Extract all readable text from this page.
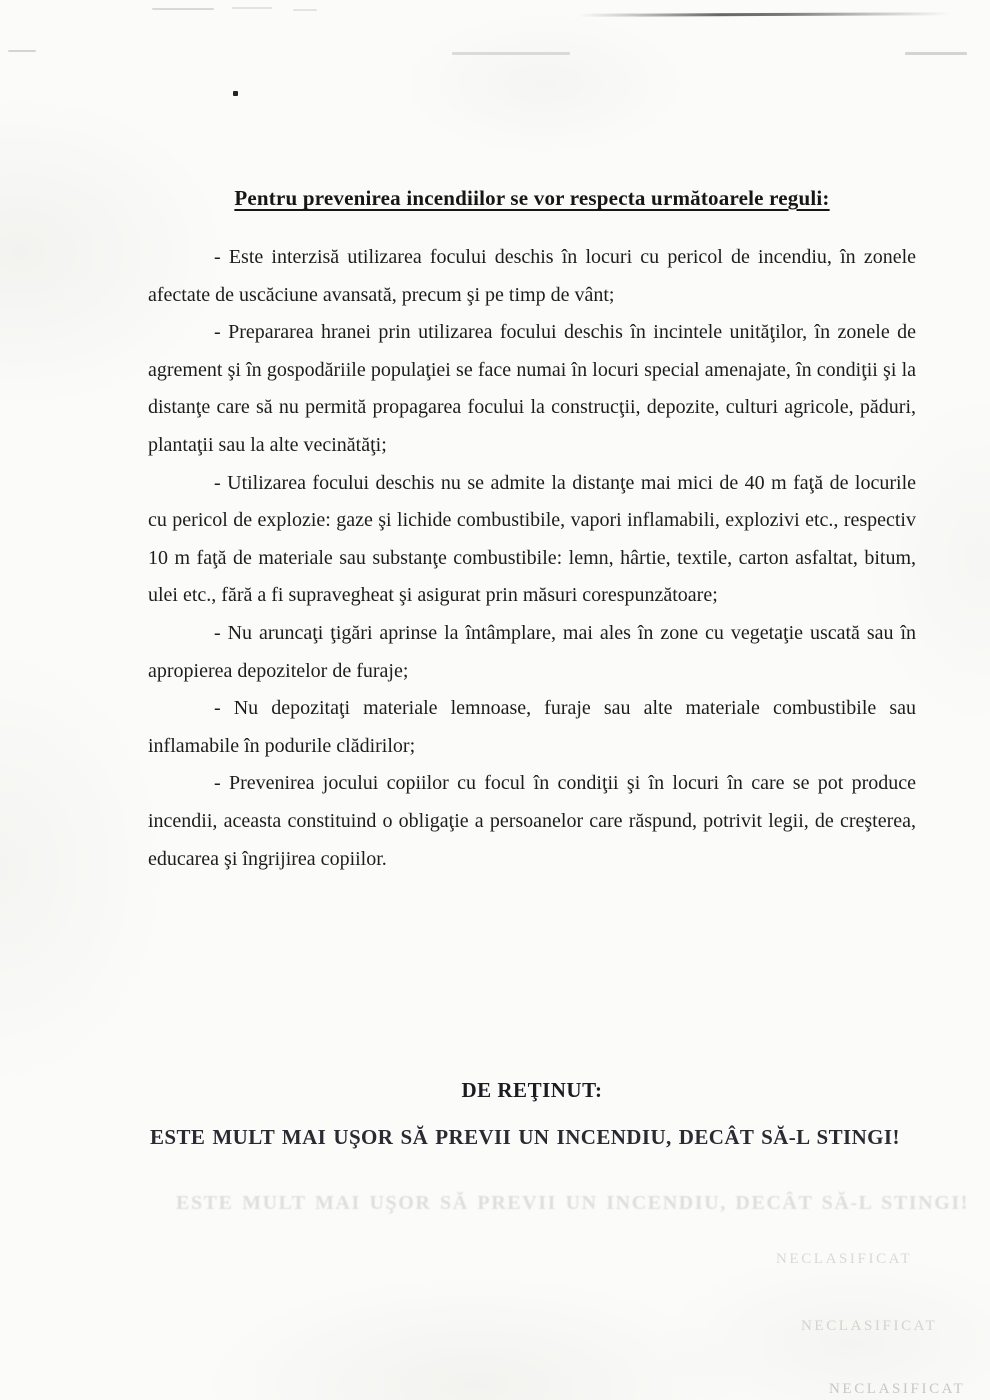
Pentru prevenirea incendiilor se vor respecta următoarele reguli:

- Este interzisă utilizarea focului deschis în locuri cu pericol de incendiu, în zonele afectate de uscăciune avansată, precum şi pe timp de vânt;

- Prepararea hranei prin utilizarea focului deschis în incintele unităţilor, în zonele de agrement şi în gospodăriile populaţiei se face numai în locuri special amenajate, în condiţii şi la distanţe care să nu permită propagarea focului la construcţii, depozite, culturi agricole, păduri, plantaţii sau la alte vecinătăţi;

- Utilizarea focului deschis nu se admite la distanţe mai mici de 40 m faţă de locurile cu pericol de explozie: gaze şi lichide combustibile, vapori inflamabili, explozivi etc., respectiv 10 m faţă de materiale sau substanţe combustibile: lemn, hârtie, textile, carton asfaltat, bitum, ulei etc., fără a fi supravegheat şi asigurat prin măsuri corespunzătoare;

- Nu aruncaţi ţigări aprinse la întâmplare, mai ales în zone cu vegetaţie uscată sau în apropierea depozitelor de furaje;

- Nu depozitaţi materiale lemnoase, furaje sau alte materiale combustibile sau inflamabile în podurile clădirilor;

- Prevenirea jocului copiilor cu focul în condiţii şi în locuri în care se pot produce incendii, aceasta constituind o obligaţie a persoanelor care răspund, potrivit legii, de creşterea, educarea şi îngrijirea copiilor.

DE REŢINUT:
ESTE MULT MAI UŞOR SĂ PREVII UN INCENDIU, DECÂT SĂ-L STINGI!
ESTE MULT MAI UŞOR SĂ PREVII UN INCENDIU, DECÂT SĂ-L STINGI!
NECLASIFICAT
NECLASIFICAT
NECLASIFICAT
